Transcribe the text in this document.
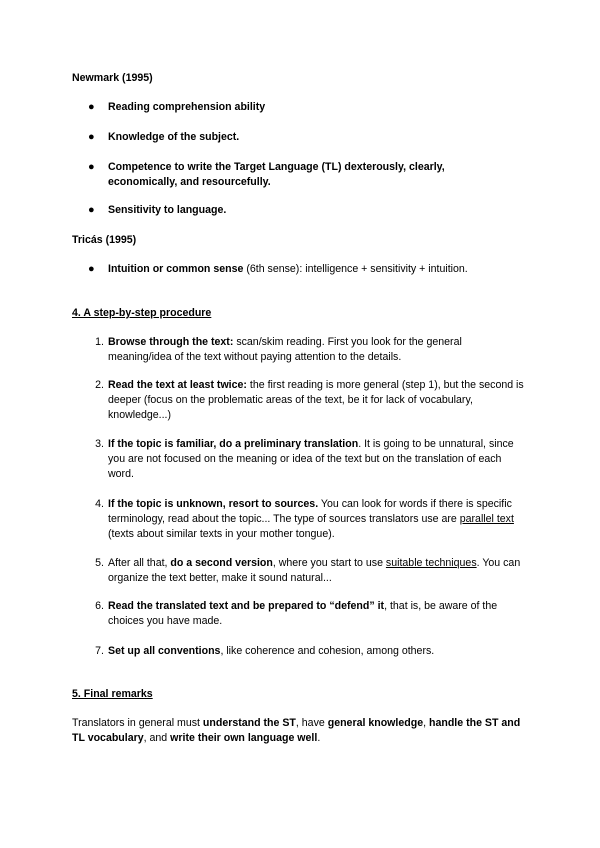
Newmark (1995)
● Reading comprehension ability
● Knowledge of the subject.
● Competence to write the Target Language (TL) dexterously, clearly, economically, and resourcefully.
● Sensitivity to language.
Tricás (1995)
● Intuition or common sense (6th sense): intelligence + sensitivity + intuition.
4. A step-by-step procedure
1. Browse through the text: scan/skim reading. First you look for the general meaning/idea of the text without paying attention to the details.
2. Read the text at least twice: the first reading is more general (step 1), but the second is deeper (focus on the problematic areas of the text, be it for lack of vocabulary, knowledge...)
3. If the topic is familiar, do a preliminary translation. It is going to be unnatural, since you are not focused on the meaning or idea of the text but on the translation of each word.
4. If the topic is unknown, resort to sources. You can look for words if there is specific terminology, read about the topic... The type of sources translators use are parallel text (texts about similar texts in your mother tongue).
5. After all that, do a second version, where you start to use suitable techniques. You can organize the text better, make it sound natural...
6. Read the translated text and be prepared to “defend” it, that is, be aware of the choices you have made.
7. Set up all conventions, like coherence and cohesion, among others.
5. Final remarks
Translators in general must understand the ST, have general knowledge, handle the ST and TL vocabulary, and write their own language well.
